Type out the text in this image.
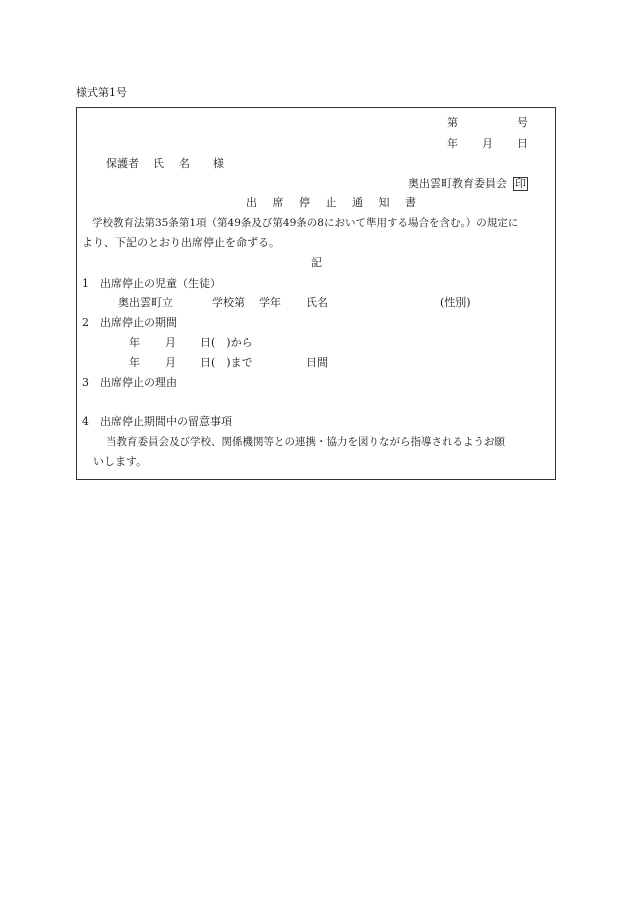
様式第1号
第	号
年 月 日
保護者 氏　名 様
奥出雲町教育委員会 印
出 席 停 止 通 知 書
学校教育法第35条第1項（第49条及び第49条の8において準用する場合を含む。）の規定に
より、下記のとおり出席停止を命ずる。
記
1　出席停止の児童（生徒）
奥出雲町立	学校第 学年 氏名	(性別)
2　出席停止の期間
年 月 日(　)から
年 月 日(　)まで	日間
3　出席停止の理由
4　出席停止期間中の留意事項
当教育委員会及び学校、関係機関等との連携・協力を図りながら指導されるようお願
いします。
